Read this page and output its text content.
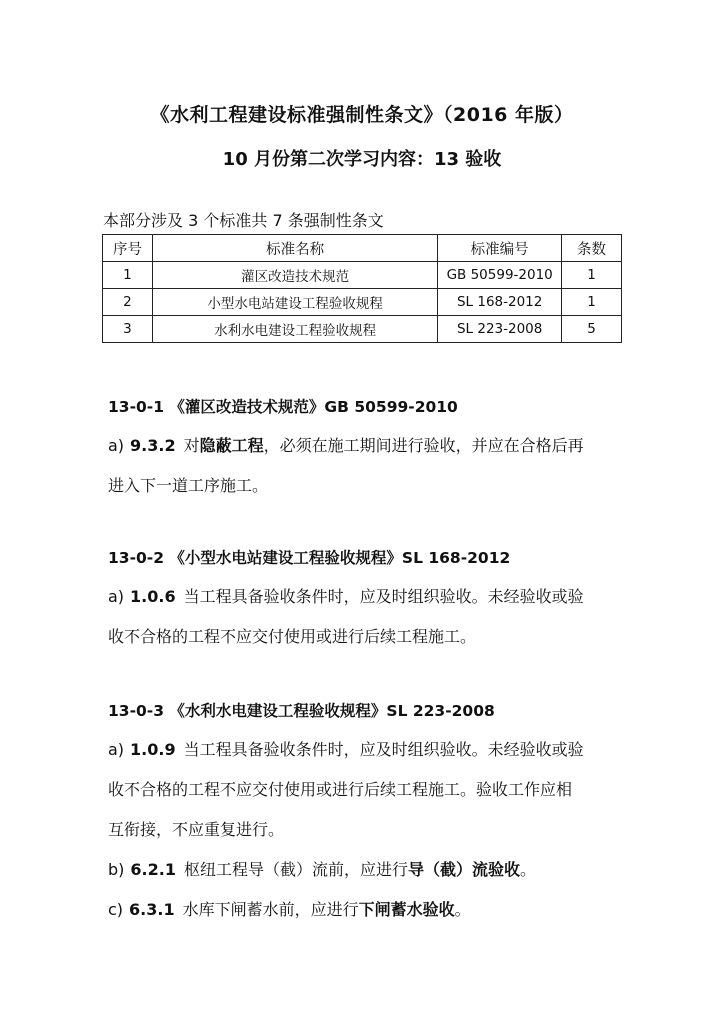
《水利工程建设标准强制性条文》（2016 年版）
10 月份第二次学习内容：13 验收
本部分涉及 3 个标准共 7 条强制性条文
序号	标准名称	标准编号	条数
1	灌区改造技术规范	GB 50599-2010	1
2	小型水电站建设工程验收规程	SL 168-2012	1
3	水利水电建设工程验收规程	SL 223-2008	5
13-0-1 《灌区改造技术规范》GB 50599-2010
a) 9.3.2 对隐蔽工程，必须在施工期间进行验收，并应在合格后再
进入下一道工序施工。
13-0-2 《小型水电站建设工程验收规程》SL 168-2012
a) 1.0.6 当工程具备验收条件时，应及时组织验收。未经验收或验
收不合格的工程不应交付使用或进行后续工程施工。
13-0-3 《水利水电建设工程验收规程》SL 223-2008
a) 1.0.9 当工程具备验收条件时，应及时组织验收。未经验收或验
收不合格的工程不应交付使用或进行后续工程施工。验收工作应相
互衔接，不应重复进行。
b) 6.2.1 枢纽工程导（截）流前，应进行导（截）流验收。
c) 6.3.1 水库下闸蓄水前，应进行下闸蓄水验收。
